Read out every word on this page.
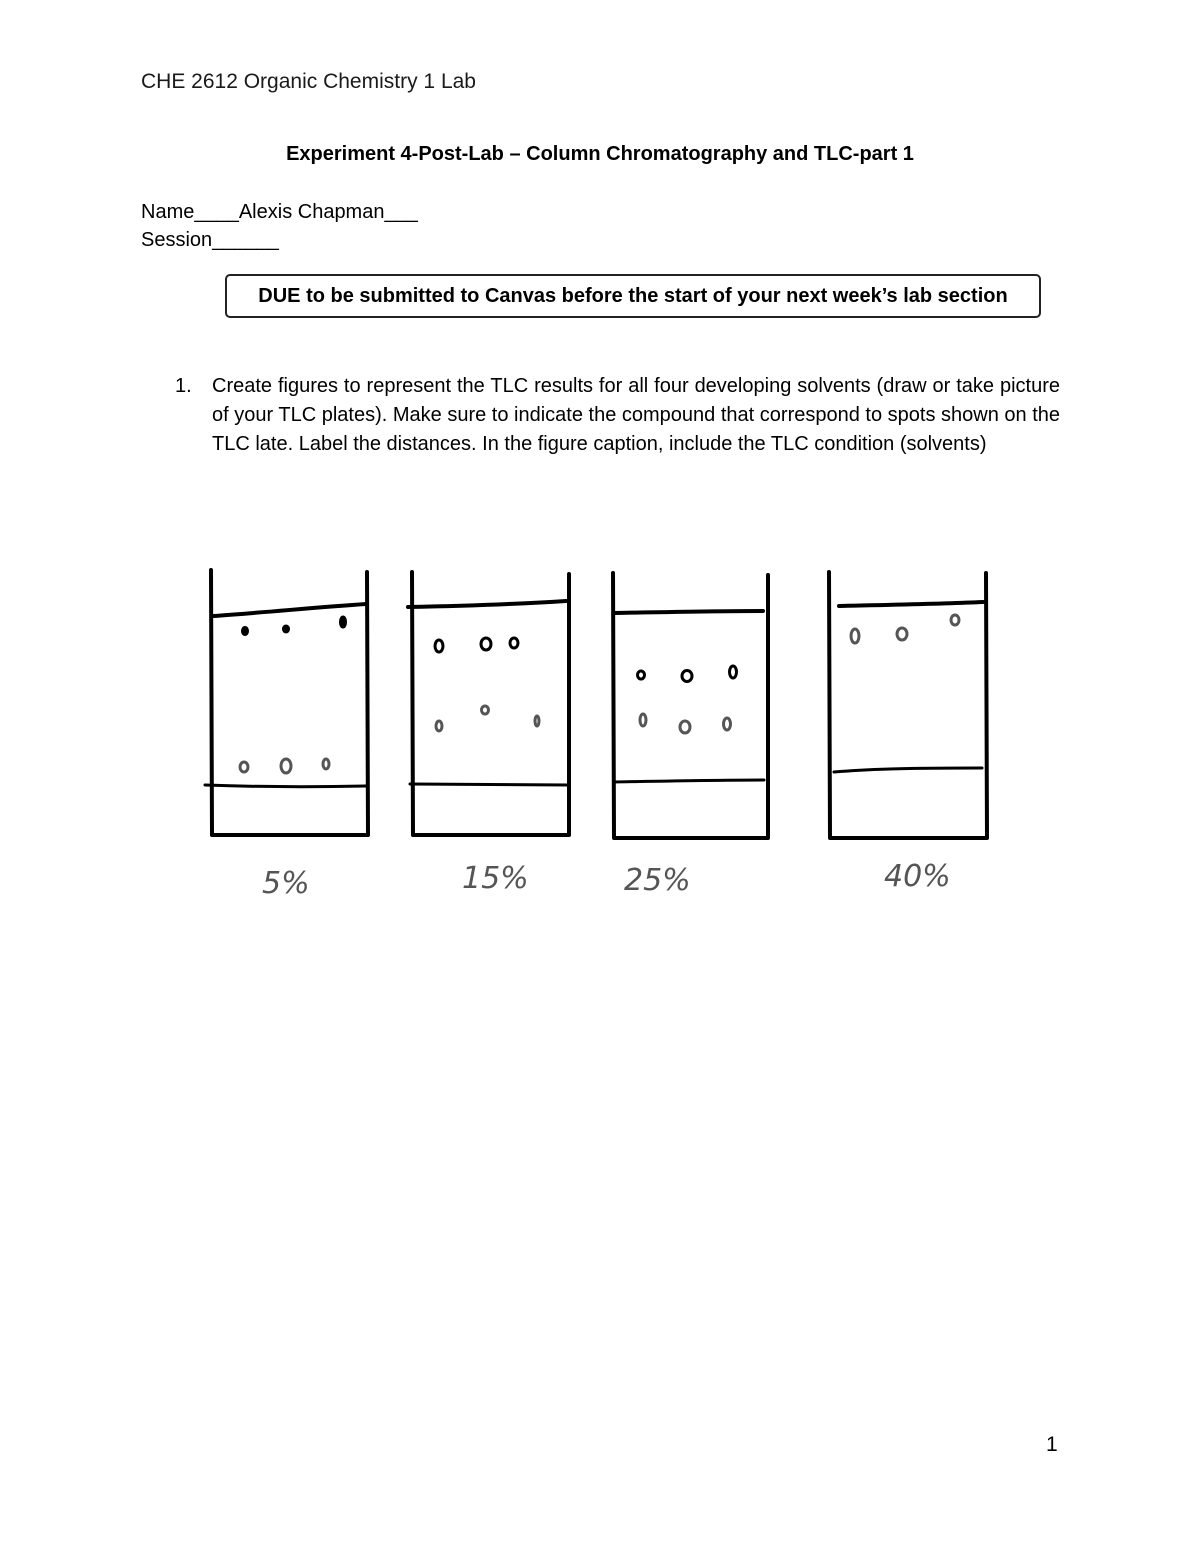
CHE 2612 Organic Chemistry 1 Lab
Experiment 4-Post-Lab – Column Chromatography and TLC-part 1
Name____Alexis Chapman___
Session______
DUE to be submitted to Canvas before the start of your next week’s lab section
1.	Create figures to represent the TLC results for all four developing solvents (draw or take picture of your TLC plates). Make sure to indicate the compound that correspond to spots shown on the TLC late. Label the distances. In the figure caption, include the TLC condition (solvents)
5%	15%	25%	40%
1
